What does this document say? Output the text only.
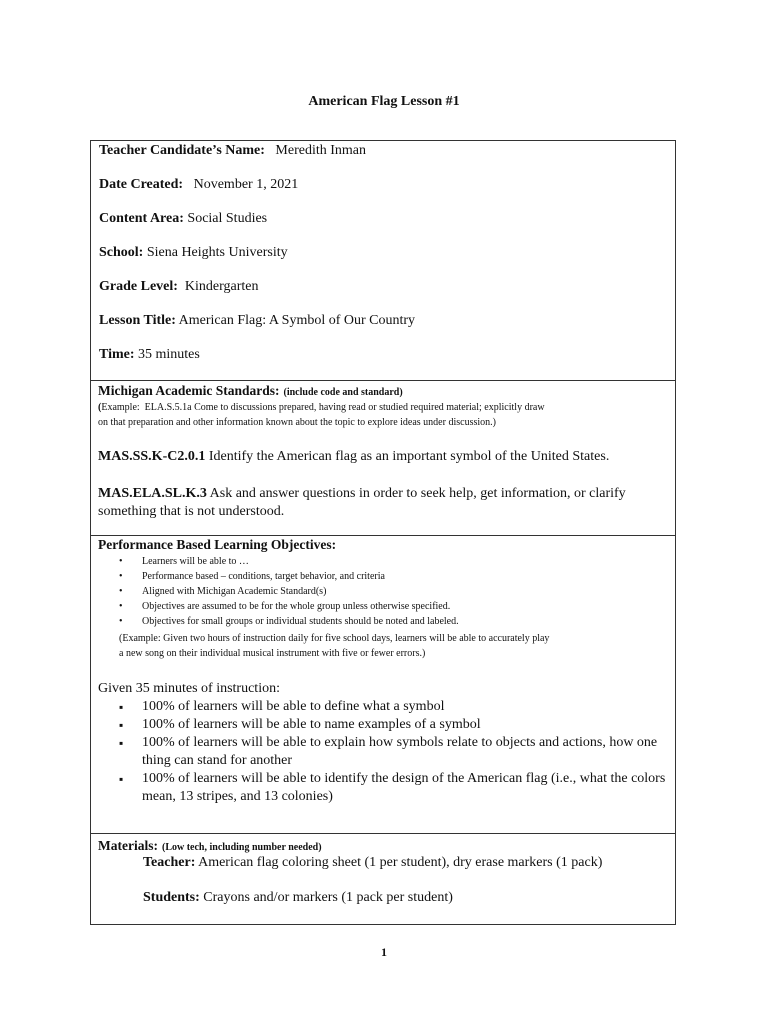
American Flag Lesson #1
Teacher Candidate’s Name: Meredith Inman
Date Created: November 1, 2021
Content Area: Social Studies
School: Siena Heights University
Grade Level: Kindergarten
Lesson Title: American Flag: A Symbol of Our Country
Time: 35 minutes
Michigan Academic Standards: (include code and standard)
(Example: ELA.S.5.1a Come to discussions prepared, having read or studied required material; explicitly draw
on that preparation and other information known about the topic to explore ideas under discussion.)
MAS.SS.K-C2.0.1 Identify the American flag as an important symbol of the United States.
MAS.ELA.SL.K.3 Ask and answer questions in order to seek help, get information, or clarify
something that is not understood.
Performance Based Learning Objectives:
• Learners will be able to …
• Performance based – conditions, target behavior, and criteria
• Aligned with Michigan Academic Standard(s)
• Objectives are assumed to be for the whole group unless otherwise specified.
• Objectives for small groups or individual students should be noted and labeled.
(Example: Given two hours of instruction daily for five school days, learners will be able to accurately play
a new song on their individual musical instrument with five or fewer errors.)
Given 35 minutes of instruction:
▪ 100% of learners will be able to define what a symbol
▪ 100% of learners will be able to name examples of a symbol
▪ 100% of learners will be able to explain how symbols relate to objects and actions, how one thing can stand for another
▪ 100% of learners will be able to identify the design of the American flag (i.e., what the colors mean, 13 stripes, and 13 colonies)
Materials: (Low tech, including number needed)
Teacher: American flag coloring sheet (1 per student), dry erase markers (1 pack)
Students: Crayons and/or markers (1 pack per student)
1
